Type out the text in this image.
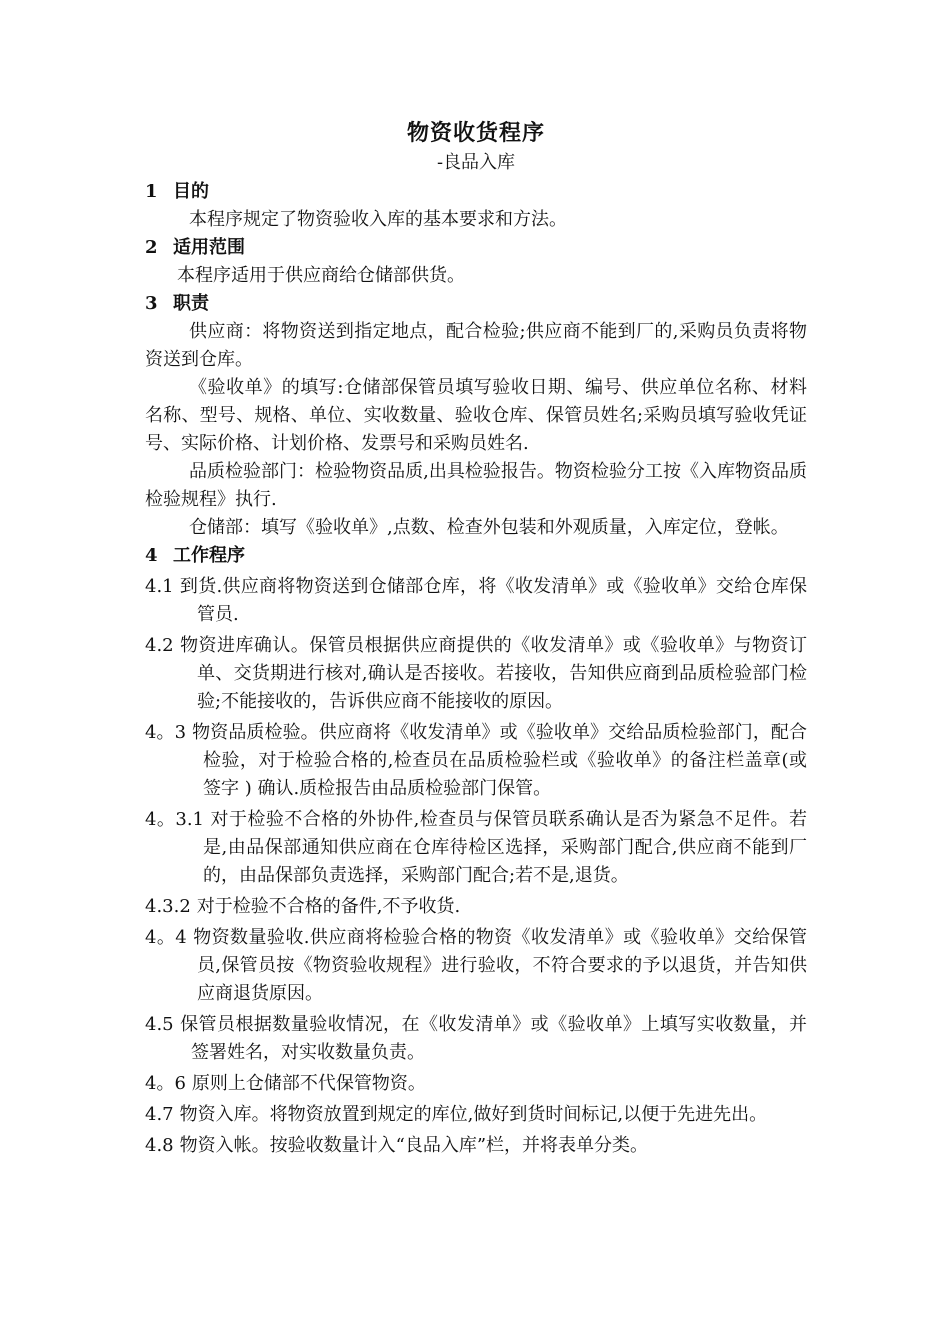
物资收货程序
-良品入库
1 目的
本程序规定了物资验收入库的基本要求和方法。
2 适用范围
本程序适用于供应商给仓储部供货。
3 职责
供应商：将物资送到指定地点，配合检验;供应商不能到厂的,采购员负责将物资送到仓库。
《验收单》的填写:仓储部保管员填写验收日期、编号、供应单位名称、材料名称、型号、规格、单位、实收数量、验收仓库、保管员姓名;采购员填写验收凭证号、实际价格、计划价格、发票号和采购员姓名.
品质检验部门：检验物资品质,出具检验报告。物资检验分工按《入库物资品质检验规程》执行.
仓储部：填写《验收单》,点数、检查外包装和外观质量，入库定位，登帐。
4 工作程序
4.1 到货.供应商将物资送到仓储部仓库，将《收发清单》或《验收单》交给仓库保管员.
4.2 物资进库确认。保管员根据供应商提供的《收发清单》或《验收单》与物资订单、交货期进行核对,确认是否接收。若接收，告知供应商到品质检验部门检验;不能接收的，告诉供应商不能接收的原因。
4。3 物资品质检验。供应商将《收发清单》或《验收单》交给品质检验部门，配合检验，对于检验合格的,检查员在品质检验栏或《验收单》的备注栏盖章(或签字 ) 确认.质检报告由品质检验部门保管。
4。3.1 对于检验不合格的外协件,检查员与保管员联系确认是否为紧急不足件。若是,由品保部通知供应商在仓库待检区选择，采购部门配合,供应商不能到厂的，由品保部负责选择，采购部门配合;若不是,退货。
4.3.2 对于检验不合格的备件,不予收货.
4。4 物资数量验收.供应商将检验合格的物资《收发清单》或《验收单》交给保管员,保管员按《物资验收规程》进行验收，不符合要求的予以退货，并告知供应商退货原因。
4.5 保管员根据数量验收情况，在《收发清单》或《验收单》上填写实收数量，并签署姓名，对实收数量负责。
4。6 原则上仓储部不代保管物资。
4.7 物资入库。将物资放置到规定的库位,做好到货时间标记,以便于先进先出。
4.8 物资入帐。按验收数量计入“良品入库”栏，并将表单分类。
